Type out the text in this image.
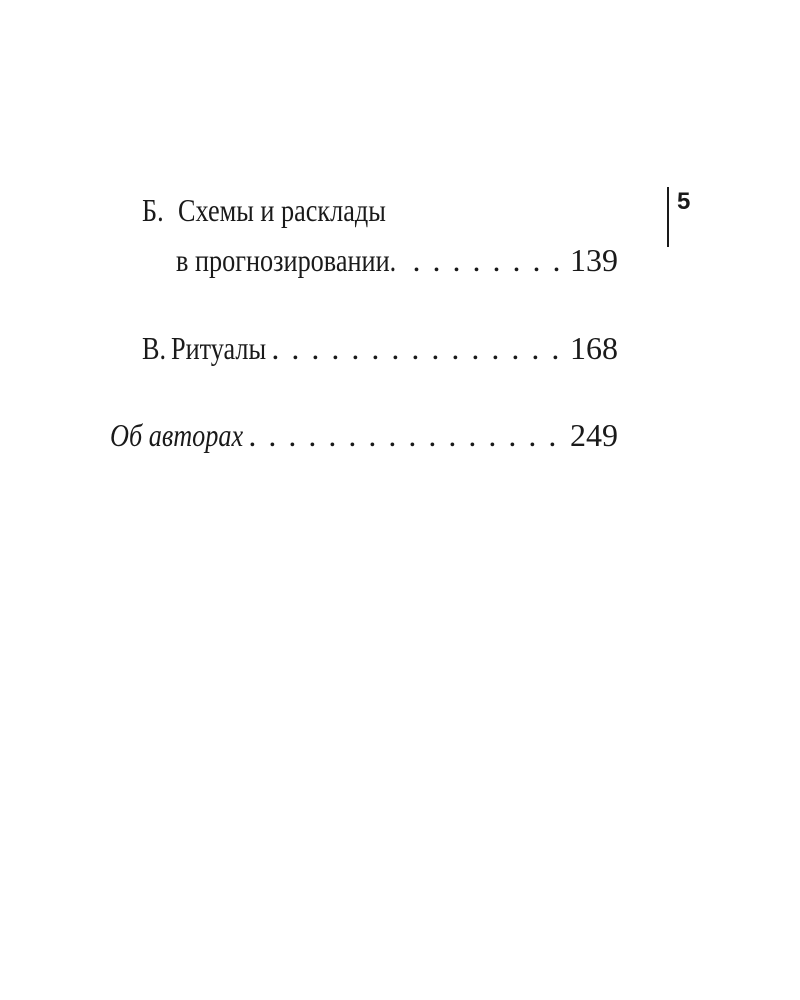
5
Б. Схемы и расклады
в прогнозировании. . . .	139
В. Ритуалы . . .	168
Об авторах . . .	249
